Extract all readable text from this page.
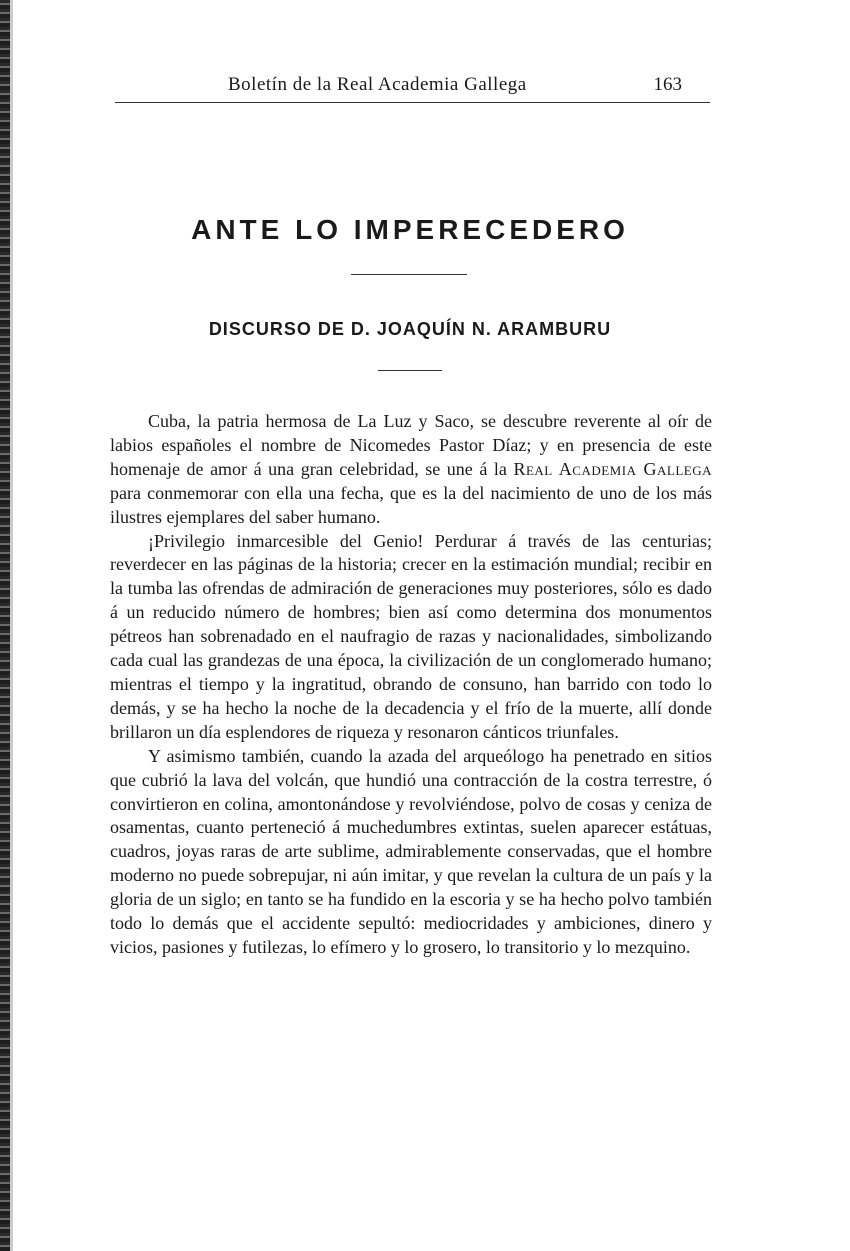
Boletín de la Real Academia Gallega	163
ANTE LO IMPERECEDERO
DISCURSO DE D. JOAQUÍN N. ARAMBURU

Cuba, la patria hermosa de La Luz y Saco, se descubre reverente al oír de labios españoles el nombre de Nicomedes Pastor Díaz; y en presencia de este homenaje de amor á una gran celebridad, se une á la Real Academia Gallega para conmemorar con ella una fecha, que es la del nacimiento de uno de los más ilustres ejemplares del saber humano.

¡Privilegio inmarcesible del Genio! Perdurar á través de las centurias; reverdecer en las páginas de la historia; crecer en la estimación mundial; recibir en la tumba las ofrendas de admiración de generaciones muy posteriores, sólo es dado á un reducido número de hombres; bien así como determina dos monumentos pétreos han sobrenadado en el naufragio de razas y nacionalidades, simbolizando cada cual las grandezas de una época, la civilización de un conglomerado humano; mientras el tiempo y la ingratitud, obrando de consuno, han barrido con todo lo demás, y se ha hecho la noche de la decadencia y el frío de la muerte, allí donde brillaron un día esplendores de riqueza y resonaron cánticos triunfales.

Y asimismo también, cuando la azada del arqueólogo ha penetrado en sitios que cubrió la lava del volcán, que hundió una contracción de la costra terrestre, ó convirtieron en colina, amontonándose y revolviéndose, polvo de cosas y ceniza de osamentas, cuanto perteneció á muchedumbres extintas, suelen aparecer estátuas, cuadros, joyas raras de arte sublime, admirablemente conservadas, que el hombre moderno no puede sobrepujar, ni aún imitar, y que revelan la cultura de un país y la gloria de un siglo; en tanto se ha fundido en la escoria y se ha hecho polvo también todo lo demás que el accidente sepultó: mediocridades y ambiciones, dinero y vicios, pasiones y futilezas, lo efímero y lo grosero, lo transitorio y lo mezquino.
